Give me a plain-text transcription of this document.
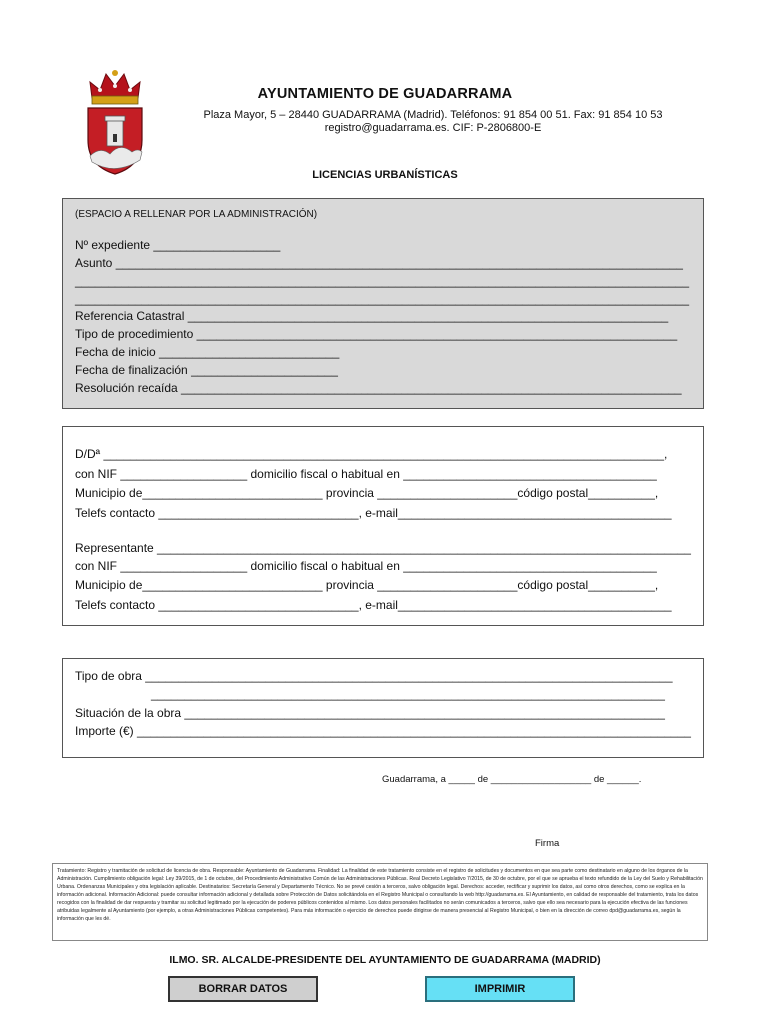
AYUNTAMIENTO DE GUADARRAMA
Plaza Mayor, 5 – 28440 GUADARRAMA (Madrid). Teléfonos: 91 854 00 51. Fax: 91 854 10 53
registro@guadarrama.es. CIF: P-2806800-E
LICENCIAS URBANÍSTICAS
(ESPACIO A RELLENAR POR LA ADMINISTRACIÓN)
Nº expediente ___________________
Asunto _____________________________________________________________________________________
____________________________________________________________________________________________
____________________________________________________________________________________________
Referencia Catastral ________________________________________________________________________
Tipo de procedimiento ________________________________________________________________________
Fecha de inicio ___________________________
Fecha de finalización ______________________
Resolución recaída ___________________________________________________________________________
D/Dª ____________________________________________________________________________________,
con NIF ___________________ domicilio fiscal o habitual en ______________________________________
Municipio de___________________________ provincia _____________________código postal__________,
Telefs contacto ______________________________, e-mail_________________________________________
Representante ________________________________________________________________________________
con NIF ___________________ domicilio fiscal o habitual en ______________________________________
Municipio de___________________________ provincia _____________________código postal__________,
Telefs contacto ______________________________, e-mail_________________________________________
Tipo de obra _______________________________________________________________________________
_____________________________________________________________________________
Situación de la obra ________________________________________________________________________
Importe (€) ___________________________________________________________________________________
Guadarrama, a _____ de ___________________ de ______.
Firma
Tratamiento: Registro y tramitación de solicitud de licencia de obra. Responsable: Ayuntamiento de Guadarrama. Finalidad: La finalidad de este tratamiento consiste en el registro de solicitudes y documentos en que sea parte como destinatario en alguno de los órganos de la Administración. Cumplimiento obligación legal: Ley 39/2015, de 1 de octubre, del Procedimiento Administrativo Común de las Administraciones Públicas. Real Decreto Legislativo 7/2015, de 30 de octubre, por el que se aprueba el texto refundido de la Ley del Suelo y Rehabilitación Urbana. Ordenanzas Municipales y otra legislación aplicable. Destinatarios: Secretaría General y Departamento Técnico. No se prevé cesión a terceros, salvo obligación legal. Derechos: acceder, rectificar y suprimir los datos, así como otros derechos, como se explica en la información adicional. Información Adicional: puede consultar información adicional y detallada sobre Protección de Datos solicitándola en el Registro Municipal o consultando la web http://guadarrama.es. El Ayuntamiento, en calidad de responsable del tratamiento, trata los datos recogidos con la finalidad de dar respuesta y tramitar su solicitud legitimado por la ejecución de poderes públicos contenidos al mismo. Los datos personales facilitados no serán comunicados a terceros, salvo que ello sea necesario para la ejecución efectiva de las funciones atribuidas legalmente al Ayuntamiento (por ejemplo, a otras Administraciones Públicas competentes). Para más información o ejercicio de derechos puede dirigirse de manera presencial al Registro Municipal, o bien en la dirección de correo dpd@guadarrama.es, según la información que les dé.
ILMO. SR. ALCALDE-PRESIDENTE DEL AYUNTAMIENTO DE GUADARRAMA (MADRID)
BORRAR DATOS	IMPRIMIR
